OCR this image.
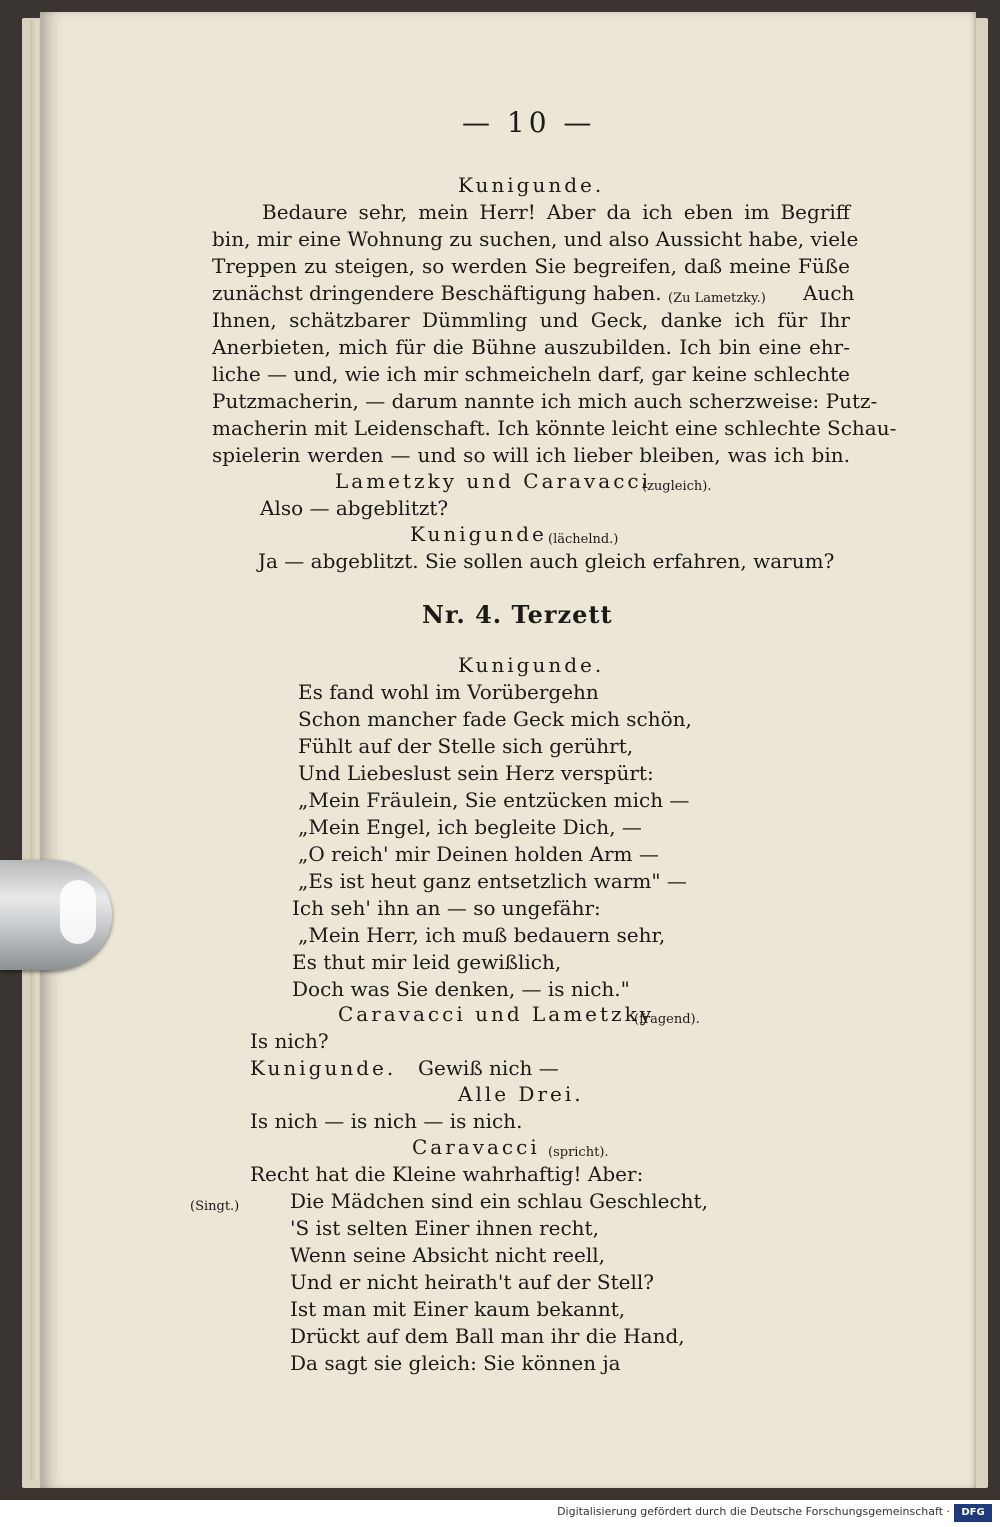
— 10 —
Kunigunde.
Bedaure sehr, mein Herr! Aber da ich eben im Begriff
bin, mir eine Wohnung zu suchen, und also Aussicht habe, viele
Treppen zu steigen, so werden Sie begreifen, daß meine Füße
zunächst dringendere Beschäftigung haben. (Zu Lametzky.) Auch
Ihnen, schätzbarer Dümmling und Geck, danke ich für Ihr
Anerbieten, mich für die Bühne auszubilden. Ich bin eine ehr-
liche — und, wie ich mir schmeicheln darf, gar keine schlechte
Putzmacherin, — darum nannte ich mich auch scherzweise: Putz-
macherin mit Leidenschaft. Ich könnte leicht eine schlechte Schau-
spielerin werden — und so will ich lieber bleiben, was ich bin.
Lametzky und Caravacci
(zugleich).
Also — abgeblitzt?
Kunigunde (lächelnd.)
Ja — abgeblitzt. Sie sollen auch gleich erfahren, warum?
Nr. 4. Terzett
Kunigunde.
Es fand wohl im Vorübergehn
Schon mancher fade Geck mich schön,
Fühlt auf der Stelle sich gerührt,
Und Liebeslust sein Herz verspürt:
„Mein Fräulein, Sie entzücken mich —
„Mein Engel, ich begleite Dich, —
„O reich' mir Deinen holden Arm —
„Es ist heut ganz entsetzlich warm" —
Ich seh' ihn an — so ungefähr:
„Mein Herr, ich muß bedauern sehr,
Es thut mir leid gewißlich,
Doch was Sie denken, — is nich."
Caravacci und Lametzky
(fragend).
Is nich?
Kunigunde. Gewiß nich —
Alle Drei.
Is nich — is nich — is nich.
Caravacci (spricht).
Recht hat die Kleine wahrhaftig! Aber:
(Singt.)	Die Mädchen sind ein schlau Geschlecht,
'S ist selten Einer ihnen recht,
Wenn seine Absicht nicht reell,
Und er nicht heirath't auf der Stell?
Ist man mit Einer kaum bekannt,
Drückt auf dem Ball man ihr die Hand,
Da sagt sie gleich: Sie können ja
Digitalisierung gefördert durch die Deutsche Forschungsgemeinschaft ·	DFG
